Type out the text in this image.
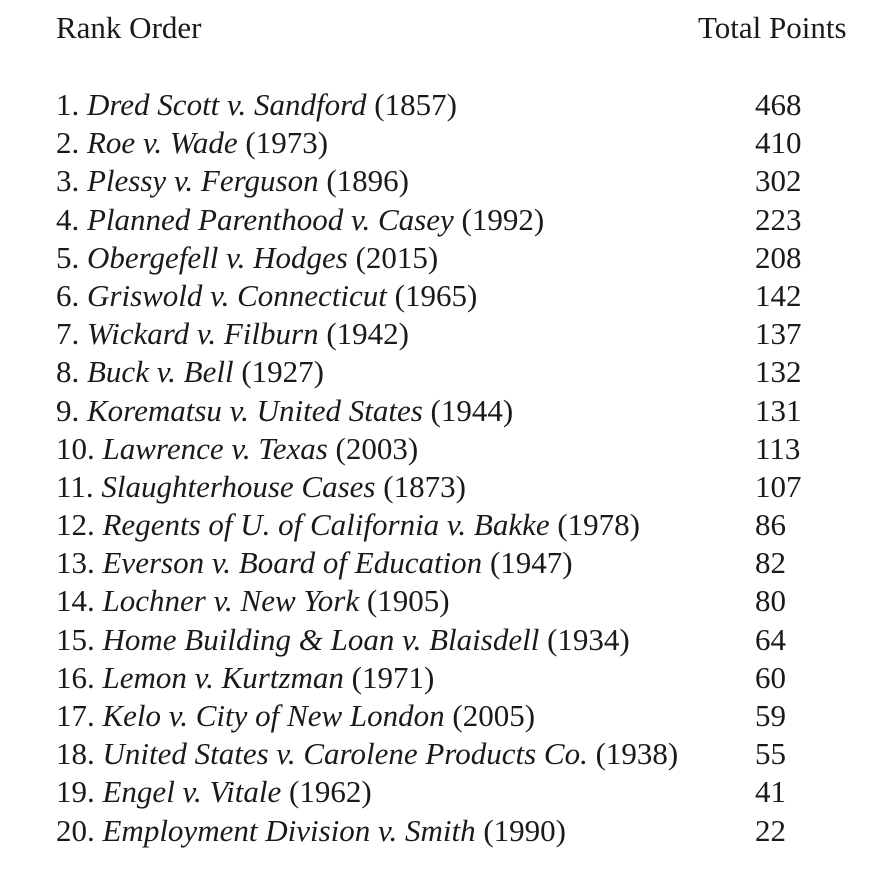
Rank Order	Total Points
1. Dred Scott v. Sandford (1857)	468
2. Roe v. Wade (1973)	410
3. Plessy v. Ferguson (1896)	302
4. Planned Parenthood v. Casey (1992)	223
5. Obergefell v. Hodges (2015)	208
6. Griswold v. Connecticut (1965)	142
7. Wickard v. Filburn (1942)	137
8. Buck v. Bell (1927)	132
9. Korematsu v. United States (1944)	131
10. Lawrence v. Texas (2003)	113
11. Slaughterhouse Cases (1873)	107
12. Regents of U. of California v. Bakke (1978)	86
13. Everson v. Board of Education (1947)	82
14. Lochner v. New York (1905)	80
15. Home Building & Loan v. Blaisdell (1934)	64
16. Lemon v. Kurtzman (1971)	60
17. Kelo v. City of New London (2005)	59
18. United States v. Carolene Products Co. (1938) 55
19. Engel v. Vitale (1962)	41
20. Employment Division v. Smith (1990)	22
